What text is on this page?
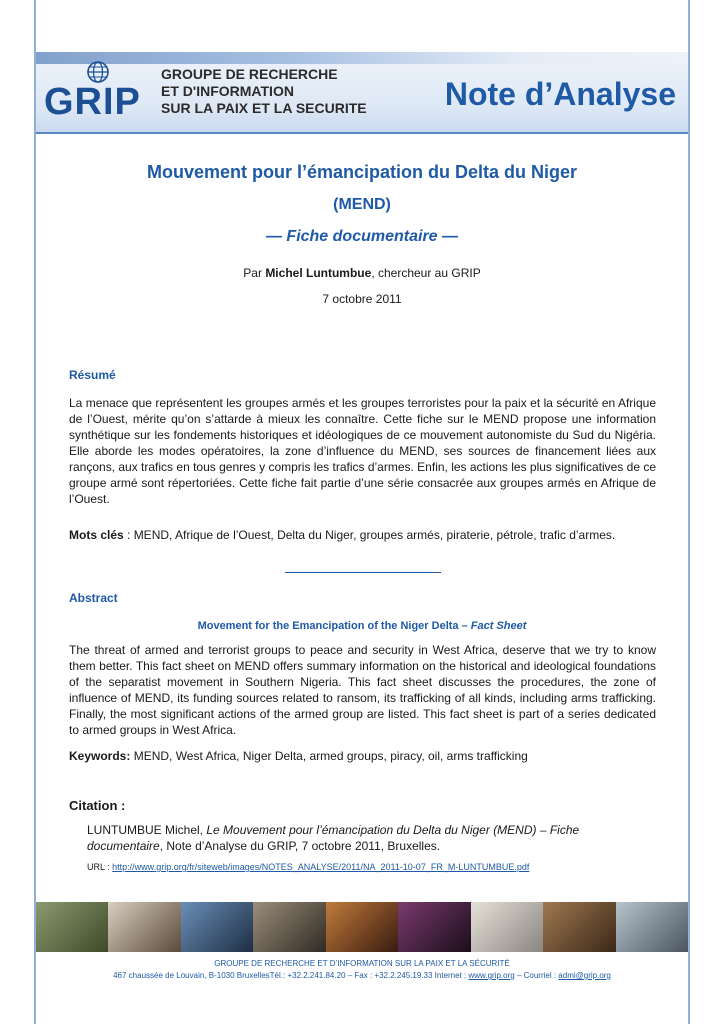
GRIP
GROUPE DE RECHERCHE
ET D'INFORMATION
SUR LA PAIX ET LA SECURITE Note d’Analyse
Mouvement pour l’émancipation du Delta du Niger
(MEND)
— Fiche documentaire —
Par Michel Luntumbue, chercheur au GRIP
7 octobre 2011
Résumé
La menace que représentent les groupes armés et les groupes terroristes pour la paix et la sécurité en Afrique de l’Ouest, mérite qu’on s’attarde à mieux les connaître. Cette fiche sur le MEND propose une information synthétique sur les fondements historiques et idéologiques de ce mouvement autonomiste du Sud du Nigéria. Elle aborde les modes opératoires, la zone d’influence du MEND, ses sources de financement liées aux rançons, aux trafics en tous genres y compris les trafics d’armes. Enfin, les actions les plus significatives de ce groupe armé sont répertoriées. Cette fiche fait partie d’une série consacrée aux groupes armés en Afrique de l’Ouest.
Mots clés : MEND, Afrique de l’Ouest, Delta du Niger, groupes armés, piraterie, pétrole, trafic d’armes.
Abstract
Movement for the Emancipation of the Niger Delta – Fact Sheet
The threat of armed and terrorist groups to peace and security in West Africa, deserve that we try to know them better. This fact sheet on MEND offers summary information on the historical and ideological foundations of the separatist movement in Southern Nigeria. This fact sheet discusses the procedures, the zone of influence of MEND, its funding sources related to ransom, its trafficking of all kinds, including arms trafficking. Finally, the most significant actions of the armed group are listed. This fact sheet is part of a series dedicated to armed groups in West Africa.
Keywords: MEND, West Africa, Niger Delta, armed groups, piracy, oil, arms trafficking
Citation :
LUNTUMBUE Michel, Le Mouvement pour l’émancipation du Delta du Niger (MEND) – Fiche documentaire, Note d’Analyse du GRIP, 7 octobre 2011, Bruxelles.
URL : http://www.grip.org/fr/siteweb/images/NOTES_ANALYSE/2011/NA_2011-10-07_FR_M-LUNTUMBUE.pdf
GROUPE DE RECHERCHE ET D’INFORMATION SUR LA PAIX ET LA SÉCURITÉ
467 chaussée de Louvain, B-1030 BruxellesTél.: +32.2.241.84.20 – Fax : +32.2.245.19.33 Internet : www.grip.org – Courriel : admi@grip.org
